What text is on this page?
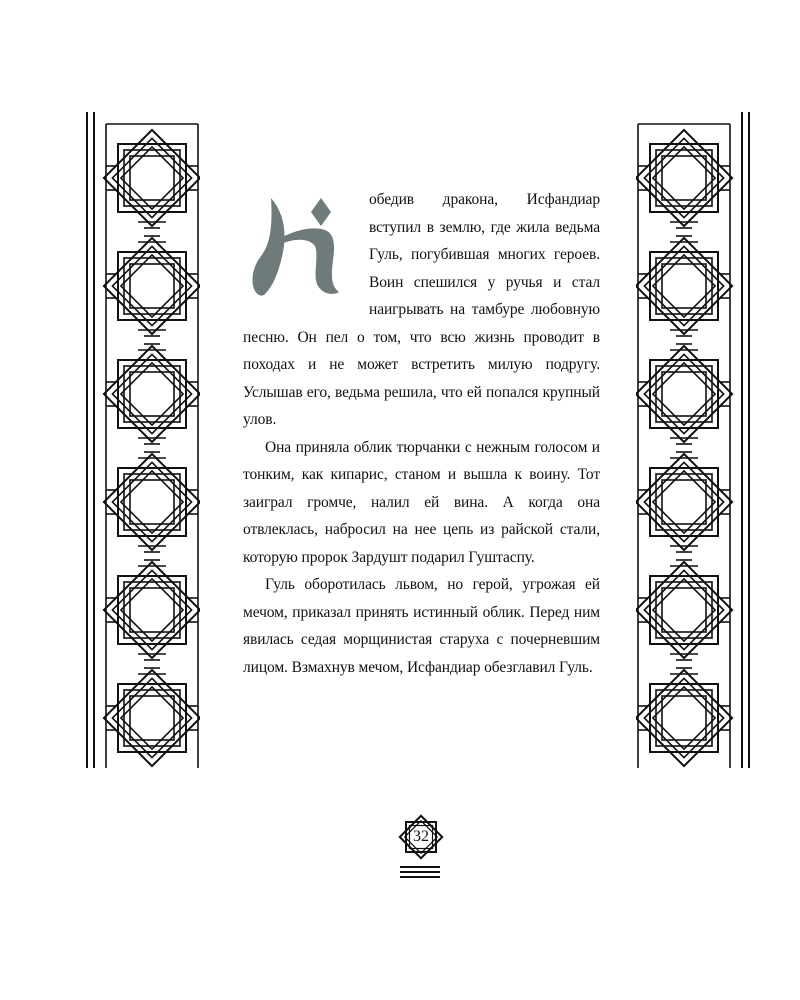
обедив дракона, Исфандиар вступил в землю, где жила ведьма Гуль, погубившая многих героев. Воин спешился у ручья и стал наигрывать на тамбуре любовную песню. Он пел о том, что всю жизнь проводит в походах и не может встретить милую подругу. Услышав его, ведьма решила, что ей попался крупный улов.

Она приняла облик тюрчанки с нежным голосом и тонким, как кипарис, станом и вышла к воину. Тот заиграл громче, налил ей вина. А когда она отвлеклась, набросил на нее цепь из райской стали, которую пророк Зардушт подарил Гуштаспу.

Гуль оборотилась львом, но герой, угрожая ей мечом, приказал принять истинный облик. Перед ним явилась седая морщинистая старуха с почерневшим лицом. Взмахнув мечом, Исфандиар обезглавил Гуль.

32
